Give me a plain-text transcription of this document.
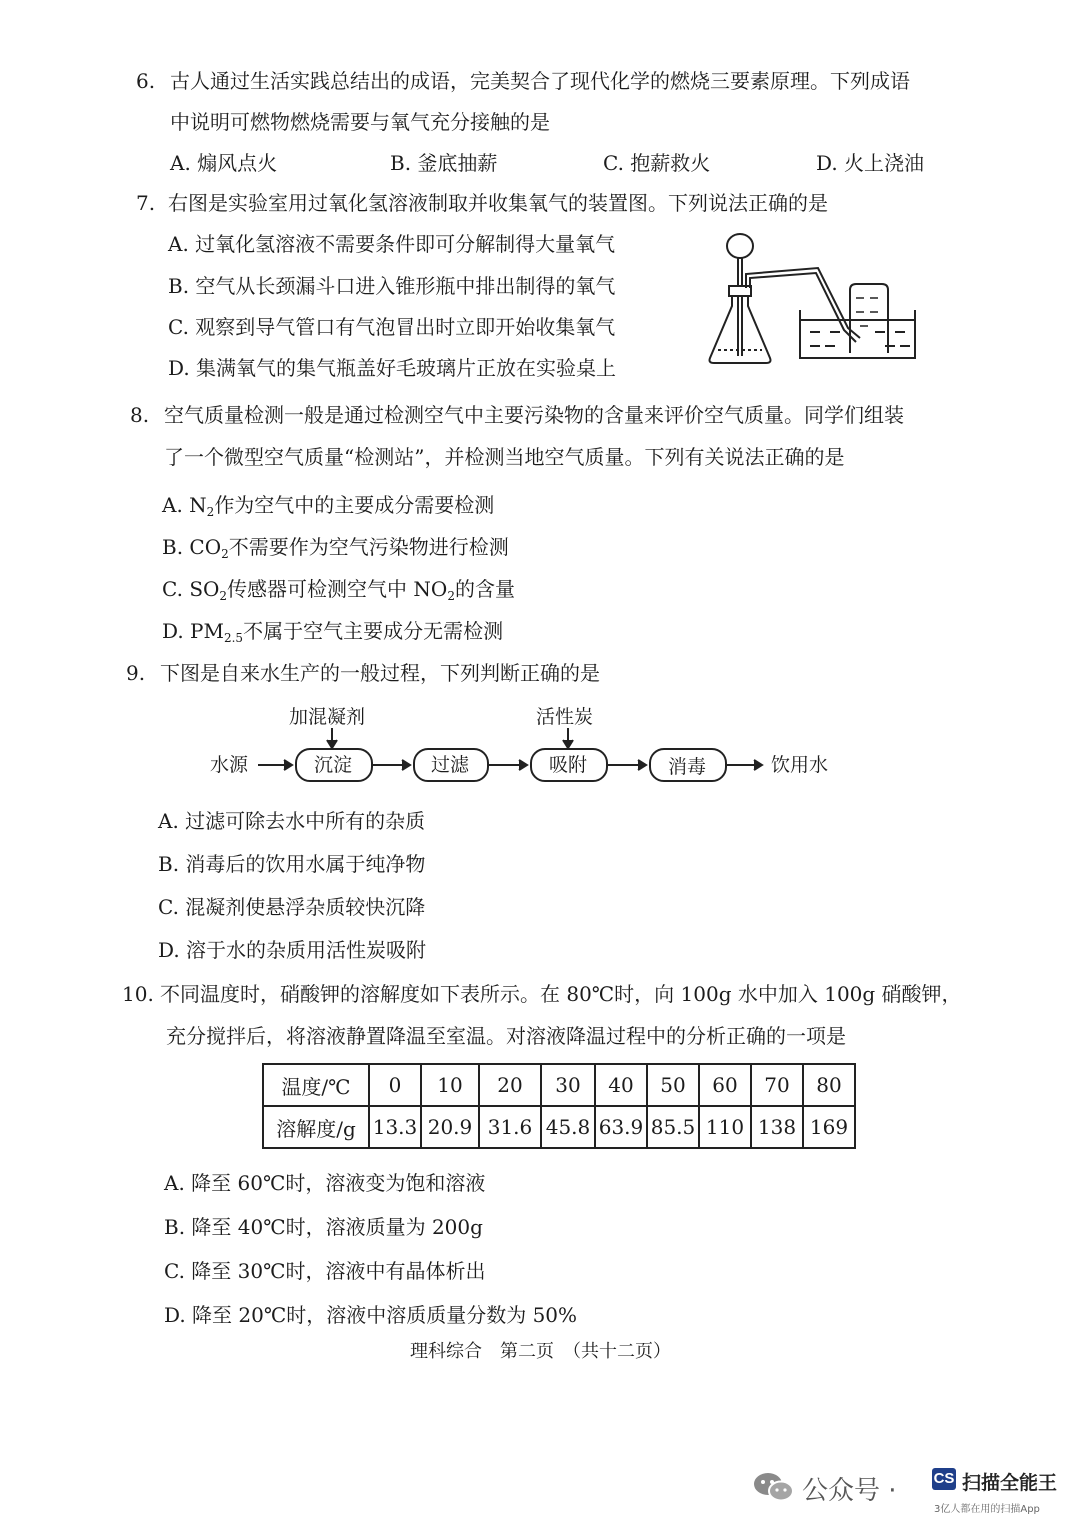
6. 古人通过生活实践总结出的成语，完美契合了现代化学的燃烧三要素原理。下列成语
中说明可燃物燃烧需要与氧气充分接触的是
A. 煽风点火	B. 釜底抽薪	C. 抱薪救火	D. 火上浇油
7. 右图是实验室用过氧化氢溶液制取并收集氧气的装置图。下列说法正确的是
A. 过氧化氢溶液不需要条件即可分解制得大量氧气
B. 空气从长颈漏斗口进入锥形瓶中排出制得的氧气
C. 观察到导气管口有气泡冒出时立即开始收集氧气
D. 集满氧气的集气瓶盖好毛玻璃片正放在实验桌上
8. 空气质量检测一般是通过检测空气中主要污染物的含量来评价空气质量。同学们组装
了一个微型空气质量“检测站”，并检测当地空气质量。下列有关说法正确的是
A. $N_2$作为空气中的主要成分需要检测
B. $CO_2$不需要作为空气污染物进行检测
C. $SO_2$传感器可检测空气中 $NO_2$的含量
D. $PM_{2.5}$不属于空气主要成分无需检测
9. 下图是自来水生产的一般过程，下列判断正确的是
水源	沉淀	过滤	吸附	消毒	饮用水
加混凝剂	活性炭
A. 过滤可除去水中所有的杂质
B. 消毒后的饮用水属于纯净物
C. 混凝剂使悬浮杂质较快沉降
D. 溶于水的杂质用活性炭吸附
10. 不同温度时，硝酸钾的溶解度如下表所示。在 80℃时，向 100g 水中加入 100g 硝酸钾，
充分搅拌后，将溶液静置降温至室温。对溶液降温过程中的分析正确的一项是
温度/℃	0	10	20	30	40	50	60	70	80
溶解度/g	13.3	20.9	31.6	45.8	63.9	85.5	110	138	169
A. 降至 60℃时，溶液变为饱和溶液
B. 降至 40℃时，溶液质量为 200g
C. 降至 30℃时，溶液中有晶体析出
D. 降至 20℃时，溶液中溶质质量分数为 50%
理科综合　第二页　（共十二页）
公众号 · CS 扫描全能王
3亿人都在用的扫描App
